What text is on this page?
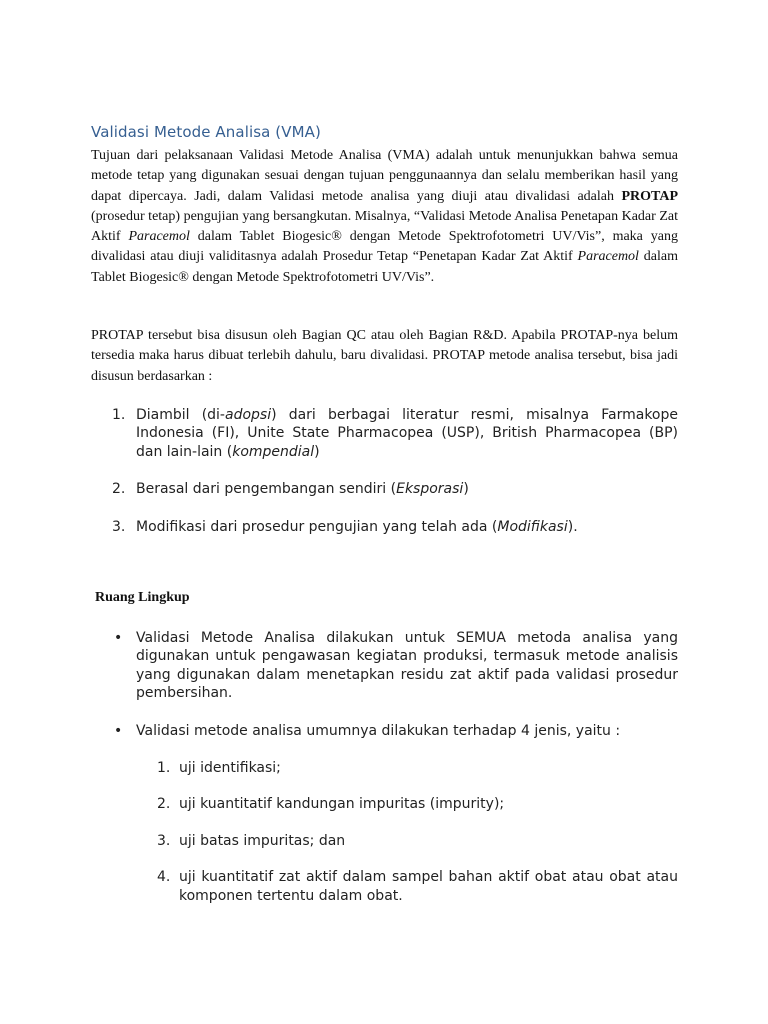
Validasi Metode Analisa (VMA)

Tujuan dari pelaksanaan Validasi Metode Analisa (VMA) adalah untuk menunjukkan bahwa semua metode tetap yang digunakan sesuai dengan tujuan penggunaannya dan selalu memberikan hasil yang dapat dipercaya. Jadi, dalam Validasi metode analisa yang diuji atau divalidasi adalah PROTAP (prosedur tetap) pengujian yang bersangkutan. Misalnya, “Validasi Metode Analisa Penetapan Kadar Zat Aktif Paracemol dalam Tablet Biogesic® dengan Metode Spektrofotometri UV/Vis”, maka yang divalidasi atau diuji validitasnya adalah Prosedur Tetap “Penetapan Kadar Zat Aktif Paracemol dalam Tablet Biogesic® dengan Metode Spektrofotometri UV/Vis”.

PROTAP tersebut bisa disusun oleh Bagian QC atau oleh Bagian R&D. Apabila PROTAP-nya belum tersedia maka harus dibuat terlebih dahulu, baru divalidasi. PROTAP metode analisa tersebut, bisa jadi disusun berdasarkan :

1. Diambil (di-adopsi) dari berbagai literatur resmi, misalnya Farmakope Indonesia (FI), Unite State Pharmacopea (USP), British Pharmacopea (BP) dan lain-lain (kompendial)
2. Berasal dari pengembangan sendiri (Eksporasi)
3. Modifikasi dari prosedur pengujian yang telah ada (Modifikasi).
Ruang Lingkup
• Validasi Metode Analisa dilakukan untuk SEMUA metoda analisa yang digunakan untuk pengawasan kegiatan produksi, termasuk metode analisis yang digunakan dalam menetapkan residu zat aktif pada validasi prosedur pembersihan.
• Validasi metode analisa umumnya dilakukan terhadap 4 jenis, yaitu :
1. uji identifikasi;
2. uji kuantitatif kandungan impuritas (impurity);
3. uji batas impuritas; dan
4. uji kuantitatif zat aktif dalam sampel bahan aktif obat atau obat atau komponen tertentu dalam obat.
